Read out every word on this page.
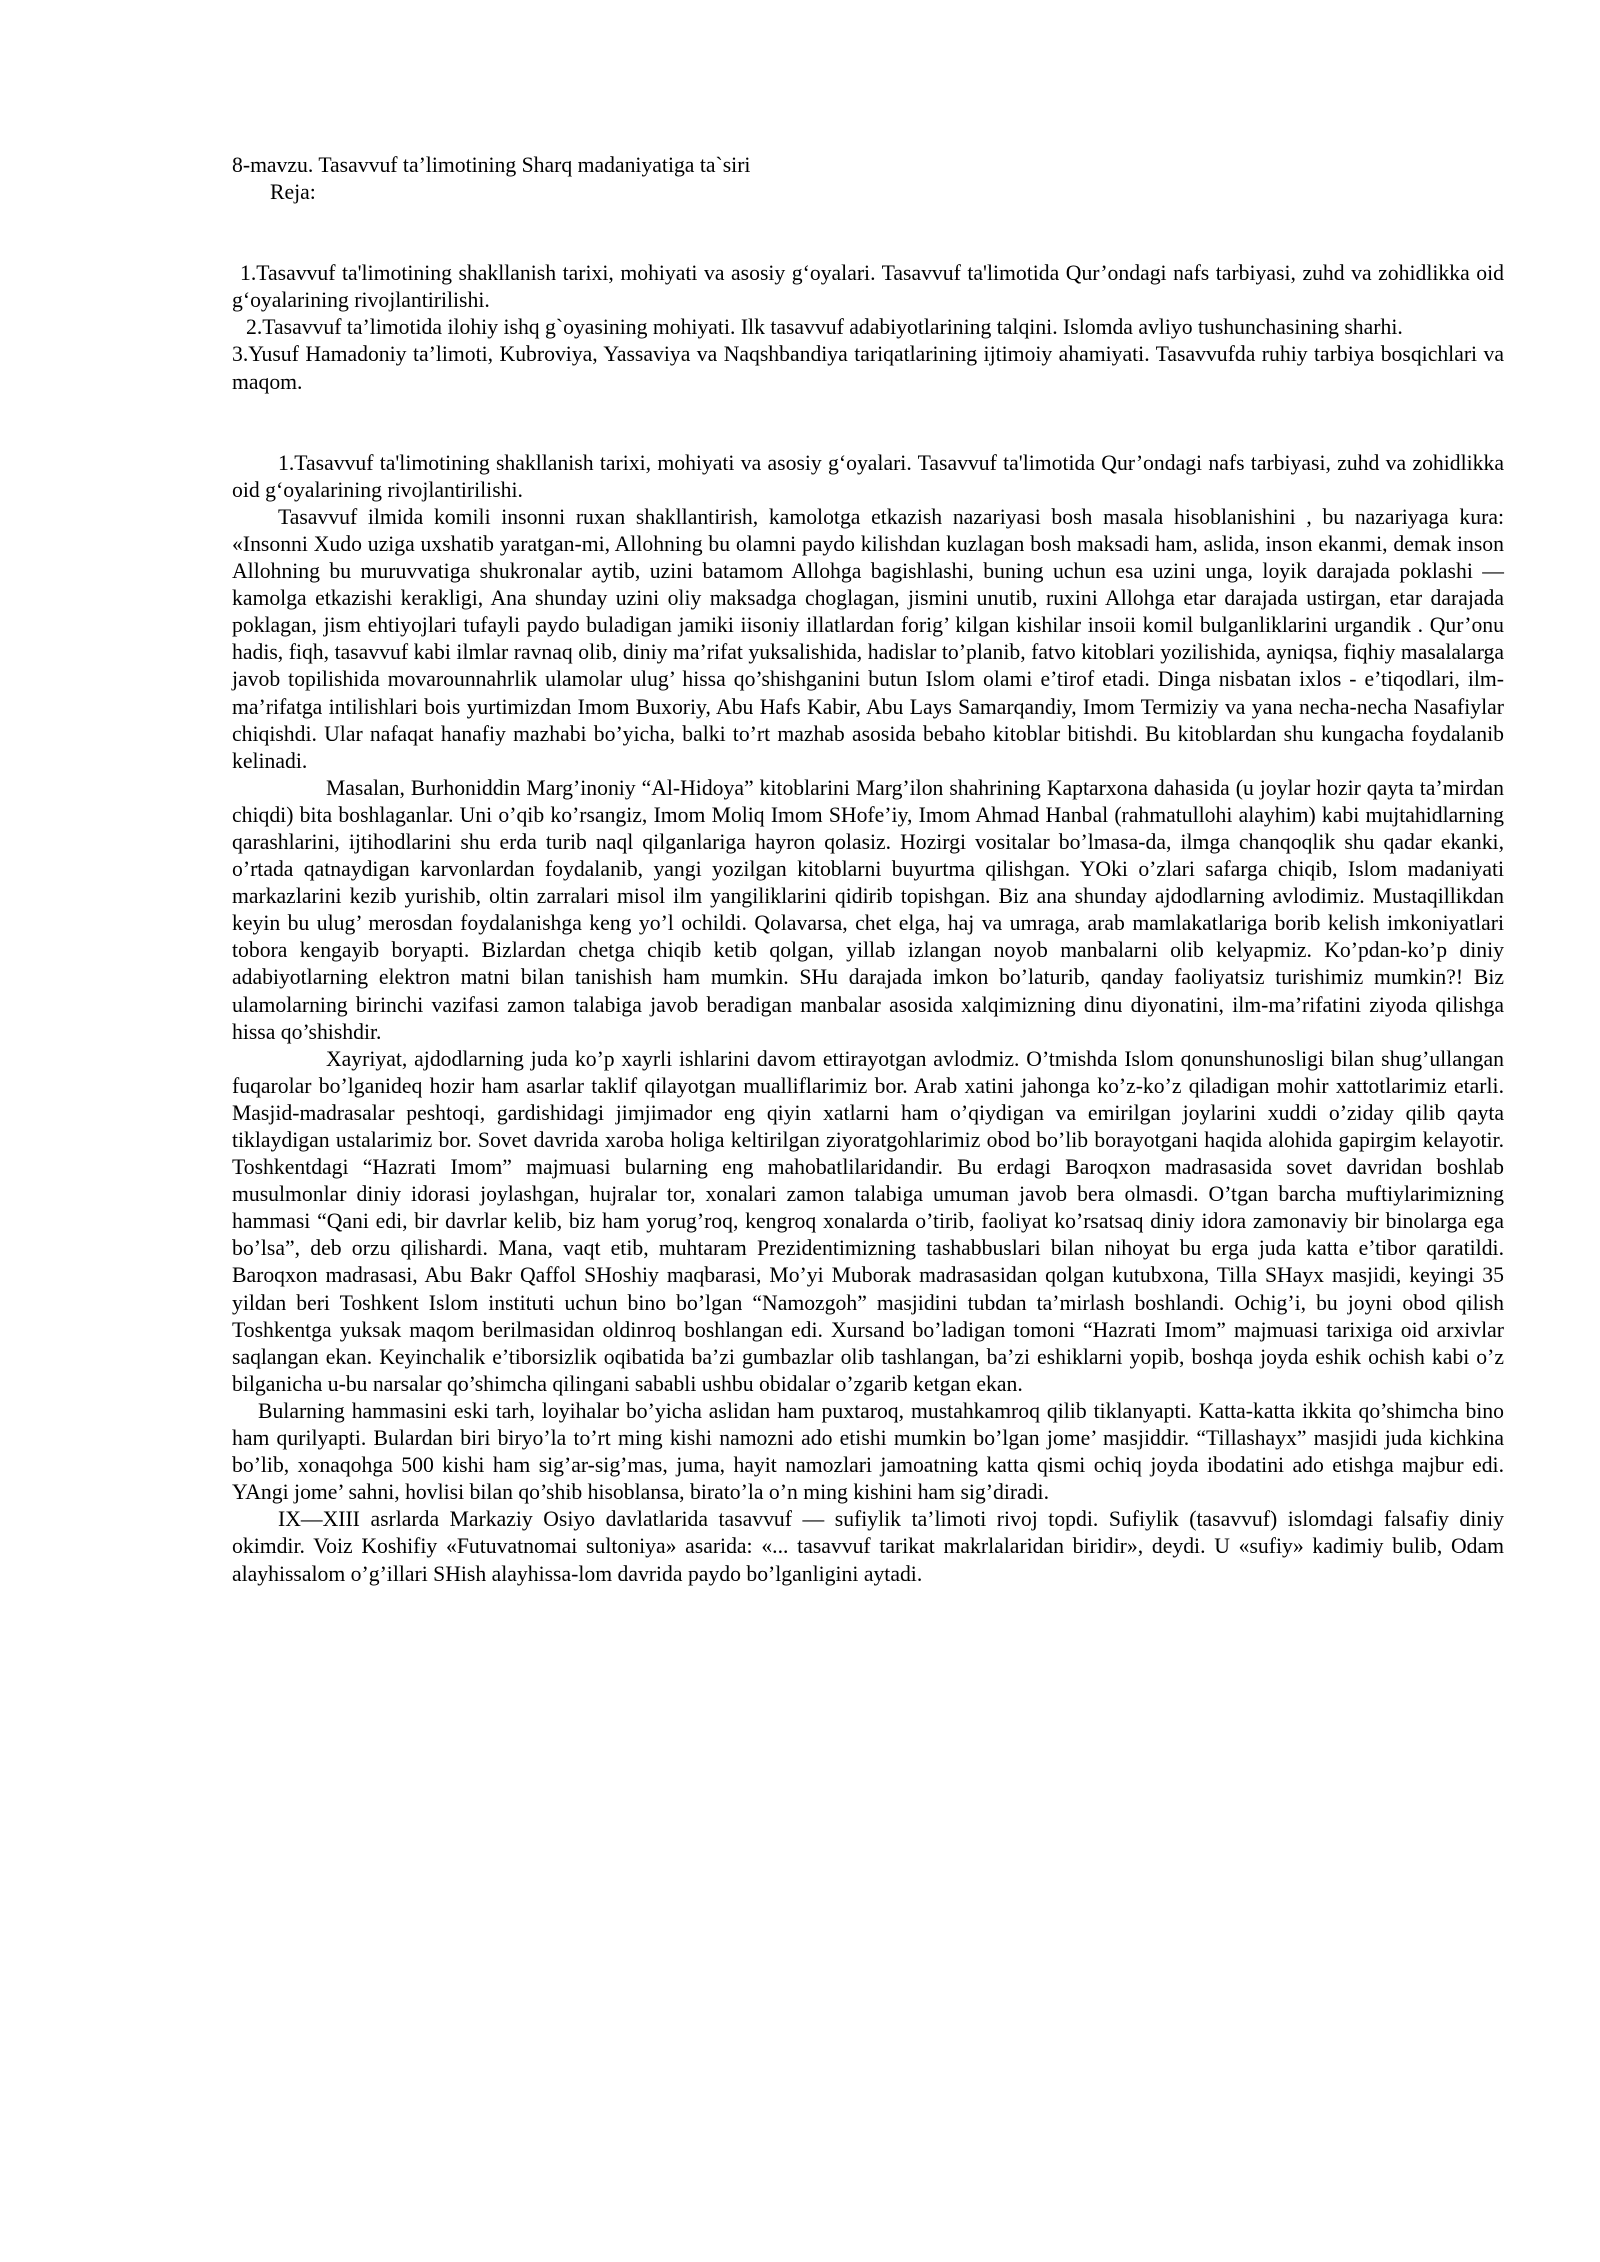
8-mavzu. Tasavvuf ta’limotining Sharq madaniyatiga ta`siri

Reja:

1.Tasavvuf ta'limotining shakllanish tarixi, mohiyati va asosiy g‘oyalari. Tasavvuf ta'limotida Qur’ondagi nafs tarbiyasi, zuhd va zohidlikka oid g‘oyalarining rivojlantirilishi.

2.Tasavvuf ta’limotida ilohiy ishq g`oyasining mohiyati. Ilk tasavvuf adabiyotlarining talqini. Islomda avliyo tushunchasining sharhi.

3.Yusuf Hamadoniy ta’limoti, Kubroviya, Yassaviya va Naqshbandiya tariqatlarining ijtimoiy ahamiyati. Tasavvufda ruhiy tarbiya bosqichlari va maqom.

1.Tasavvuf ta'limotining shakllanish tarixi, mohiyati va asosiy g‘oyalari. Tasavvuf ta'limotida Qur’ondagi nafs tarbiyasi, zuhd va zohidlikka oid g‘oyalarining rivojlantirilishi.

Tasavvuf ilmida komili insonni ruxan shakllantirish, kamolotga etkazish nazariyasi bosh masala hisoblanishini , bu nazariyaga kura: «Insonni Xudo uziga uxshatib yaratgan-mi, Allohning bu olamni paydo kilishdan kuzlagan bosh maksadi ham, aslida, inson ekanmi, demak inson Allohning bu muruvvatiga shukronalar aytib, uzini batamom Allohga bagishlashi, buning uchun esa uzini unga, loyik darajada poklashi — kamolga etkazishi kerakligi, Ana shunday uzini oliy maksadga choglagan, jismini unutib, ruxini Allohga etar darajada ustirgan, etar darajada poklagan, jism ehtiyojlari tufayli paydo buladigan jamiki iisoniy illatlardan forig’ kilgan kishilar insoii komil bulganliklarini urgandik . Qur’onu hadis, fiqh, tasavvuf kabi ilmlar ravnaq olib, diniy ma’rifat yuksalishida, hadislar to’planib, fatvo kitoblari yozilishida, ayniqsa, fiqhiy masalalarga javob topilishida movarounnahrlik ulamolar ulug’ hissa qo’shishganini butun Islom olami e’tirof etadi. Dinga nisbatan ixlos - e’tiqodlari, ilm-ma’rifatga intilishlari bois yurtimizdan Imom Buxoriy, Abu Hafs Kabir, Abu Lays Samarqandiy, Imom Termiziy va yana necha-necha Nasafiylar chiqishdi. Ular nafaqat hanafiy mazhabi bo’yicha, balki to’rt mazhab asosida bebaho kitoblar bitishdi. Bu kitoblardan shu kungacha foydalanib kelinadi.

Masalan, Burhoniddin Marg’inoniy “Al-Hidoya” kitoblarini Marg’ilon shahrining Kaptarxona dahasida (u joylar hozir qayta ta’mirdan chiqdi) bita boshlaganlar. Uni o’qib ko’rsangiz, Imom Moliq Imom SHofe’iy, Imom Ahmad Hanbal (rahmatullohi alayhim) kabi mujtahidlarning qarashlarini, ijtihodlarini shu erda turib naql qilganlariga hayron qolasiz. Hozirgi vositalar bo’lmasa-da, ilmga chanqoqlik shu qadar ekanki, o’rtada qatnaydigan karvonlardan foydalanib, yangi yozilgan kitoblarni buyurtma qilishgan. YOki o’zlari safarga chiqib, Islom madaniyati markazlarini kezib yurishib, oltin zarralari misol ilm yangiliklarini qidirib topishgan. Biz ana shunday ajdodlarning avlodimiz. Mustaqillikdan keyin bu ulug’ merosdan foydalanishga keng yo’l ochildi. Qolavarsa, chet elga, haj va umraga, arab mamlakatlariga borib kelish imkoniyatlari tobora kengayib boryapti. Bizlardan chetga chiqib ketib qolgan, yillab izlangan noyob manbalarni olib kelyapmiz. Ko’pdan-ko’p diniy adabiyotlarning elektron matni bilan tanishish ham mumkin. SHu darajada imkon bo’laturib, qanday faoliyatsiz turishimiz mumkin?! Biz ulamolarning birinchi vazifasi zamon talabiga javob beradigan manbalar asosida xalqimizning dinu diyonatini, ilm-ma’rifatini ziyoda qilishga hissa qo’shishdir.

Xayriyat, ajdodlarning juda ko’p xayrli ishlarini davom ettirayotgan avlodmiz. O’tmishda Islom qonunshunosligi bilan shug’ullangan fuqarolar bo’lganideq hozir ham asarlar taklif qilayotgan mualliflarimiz bor. Arab xatini jahonga ko’z-ko’z qiladigan mohir xattotlarimiz etarli. Masjid-madrasalar peshtoqi, gardishidagi jimjimador eng qiyin xatlarni ham o’qiydigan va emirilgan joylarini xuddi o’ziday qilib qayta tiklaydigan ustalarimiz bor. Sovet davrida xaroba holiga keltirilgan ziyoratgohlarimiz obod bo’lib borayotgani haqida alohida gapirgim kelayotir. Toshkentdagi “Hazrati Imom” majmuasi bularning eng mahobatlilaridandir. Bu erdagi Baroqxon madrasasida sovet davridan boshlab musulmonlar diniy idorasi joylashgan, hujralar tor, xonalari zamon talabiga umuman javob bera olmasdi. O’tgan barcha muftiylarimizning hammasi “Qani edi, bir davrlar kelib, biz ham yorug’roq, kengroq xonalarda o’tirib, faoliyat ko’rsatsaq diniy idora zamonaviy bir binolarga ega bo’lsa”, deb orzu qilishardi. Mana, vaqt etib, muhtaram Prezidentimizning tashabbuslari bilan nihoyat bu erga juda katta e’tibor qaratildi. Baroqxon madrasasi, Abu Bakr Qaffol SHoshiy maqbarasi, Mo’yi Muborak madrasasidan qolgan kutubxona, Tilla SHayx masjidi, keyingi 35 yildan beri Toshkent Islom instituti uchun bino bo’lgan “Namozgoh” masjidini tubdan ta’mirlash boshlandi. Ochig’i, bu joyni obod qilish Toshkentga yuksak maqom berilmasidan oldinroq boshlangan edi. Xursand bo’ladigan tomoni “Hazrati Imom” majmuasi tarixiga oid arxivlar saqlangan ekan. Keyinchalik e’tiborsizlik oqibatida ba’zi gumbazlar olib tashlangan, ba’zi eshiklarni yopib, boshqa joyda eshik ochish kabi o’z bilganicha u-bu narsalar qo’shimcha qilingani sababli ushbu obidalar o’zgarib ketgan ekan.

Bularning hammasini eski tarh, loyihalar bo’yicha aslidan ham puxtaroq, mustahkamroq qilib tiklanyapti. Katta-katta ikkita qo’shimcha bino ham qurilyapti. Bulardan biri biryo’la to’rt ming kishi namozni ado etishi mumkin bo’lgan jome’ masjiddir. “Tillashayx” masjidi juda kichkina bo’lib, xonaqohga 500 kishi ham sig’ar-sig’mas, juma, hayit namozlari jamoatning katta qismi ochiq joyda ibodatini ado etishga majbur edi. YAngi jome’ sahni, hovlisi bilan qo’shib hisoblansa, birato’la o’n ming kishini ham sig’diradi.

IX—XIII asrlarda Markaziy Osiyo davlatlarida tasavvuf — sufiylik ta’limoti rivoj topdi. Sufiylik (tasavvuf) islomdagi falsafiy diniy okimdir. Voiz Koshifiy «Futuvatnomai sultoniya» asarida: «... tasavvuf tarikat makrlalaridan biridir», deydi. U «sufiy» kadimiy bulib, Odam alayhissalom o’g’illari SHish alayhissa-lom davrida paydo bo’lganligini aytadi.
